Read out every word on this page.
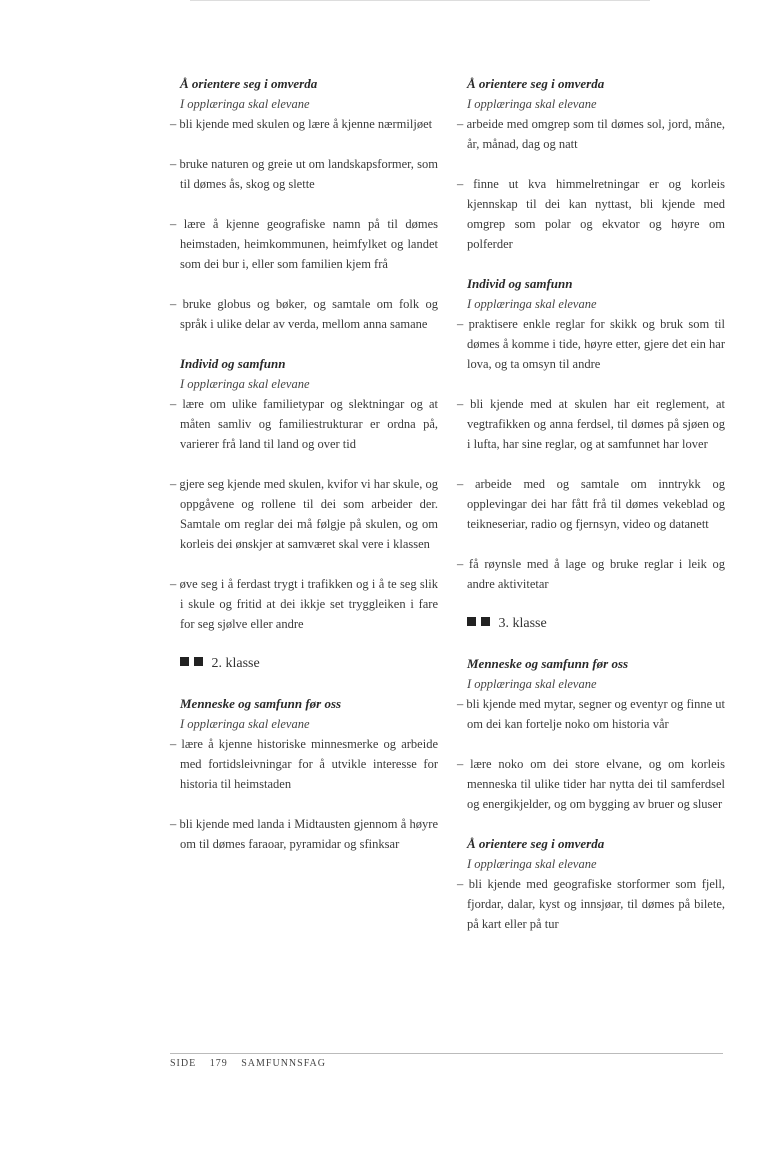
Å orientere seg i omverda

I opplæringa skal elevane

– bli kjende med skulen og lære å kjenne nærmiljøet

– bruke naturen og greie ut om landskapsformer, som til dømes ås, skog og slette

– lære å kjenne geografiske namn på til dømes heimstaden, heimkommunen, heimfylket og landet som dei bur i, eller som familien kjem frå

– bruke globus og bøker, og samtale om folk og språk i ulike delar av verda, mellom anna samane

Individ og samfunn

I opplæringa skal elevane

– lære om ulike familietypar og slektningar og at måten samliv og familiestrukturar er ordna på, varierer frå land til land og over tid

– gjere seg kjende med skulen, kvifor vi har skule, og oppgåvene og rollene til dei som arbeider der. Samtale om reglar dei må følgje på skulen, og om korleis dei ønskjer at samværet skal vere i klassen

– øve seg i å ferdast trygt i trafikken og i å te seg slik i skule og fritid at dei ikkje set tryggleiken i fare for seg sjølve eller andre

2. klasse

Menneske og samfunn før oss

I opplæringa skal elevane

– lære å kjenne historiske minnesmerke og arbeide med fortidsleivningar for å utvikle interesse for historia til heimstaden

– bli kjende med landa i Midtausten gjennom å høyre om til dømes faraoar, pyramidar og sfinksar

Å orientere seg i omverda

I opplæringa skal elevane

– arbeide med omgrep som til dømes sol, jord, måne, år, månad, dag og natt

– finne ut kva himmelretningar er og korleis kjennskap til dei kan nyttast, bli kjende med omgrep som polar og ekvator og høyre om polferder

Individ og samfunn

I opplæringa skal elevane

– praktisere enkle reglar for skikk og bruk som til dømes å komme i tide, høyre etter, gjere det ein har lova, og ta omsyn til andre

– bli kjende med at skulen har eit reglement, at vegtrafikken og anna ferdsel, til dømes på sjøen og i lufta, har sine reglar, og at samfunnet har lover

– arbeide med og samtale om inntrykk og opplevingar dei har fått frå til dømes vekeblad og teikneseriar, radio og fjernsyn, video og datanett

– få røynsle med å lage og bruke reglar i leik og andre aktivitetar

3. klasse

Menneske og samfunn før oss

I opplæringa skal elevane

– bli kjende med mytar, segner og eventyr og finne ut om dei kan fortelje noko om historia vår

– lære noko om dei store elvane, og om korleis menneska til ulike tider har nytta dei til samferdsel og energikjelder, og om bygging av bruer og sluser

Å orientere seg i omverda

I opplæringa skal elevane

– bli kjende med geografiske storformer som fjell, fjordar, dalar, kyst og innsjøar, til dømes på bilete, på kart eller på tur

SIDE 179 SAMFUNNSFAG
